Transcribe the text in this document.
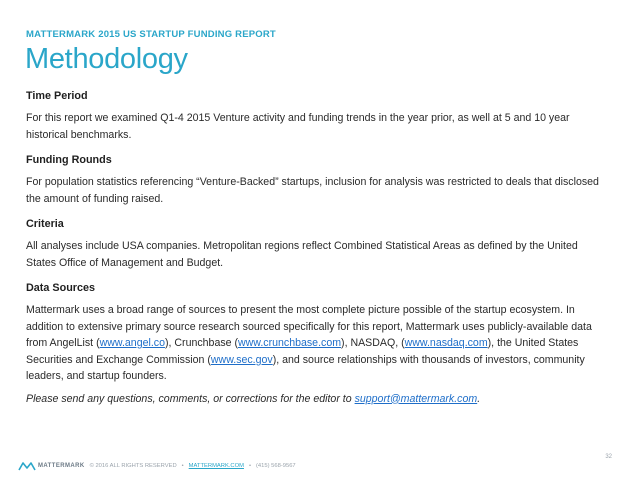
MATTERMARK 2015 US STARTUP FUNDING REPORT
Methodology

Time Period

For this report we examined Q1-4 2015 Venture activity and funding trends in the year prior, as well at 5 and 10 year historical benchmarks.

Funding Rounds

For population statistics referencing “Venture-Backed” startups, inclusion for analysis was restricted to deals that disclosed the amount of funding raised.

Criteria

All analyses include USA companies. Metropolitan regions reflect Combined Statistical Areas as defined by the United States Office of Management and Budget.

Data Sources

Mattermark uses a broad range of sources to present the most complete picture possible of the startup ecosystem. In addition to extensive primary source research sourced specifically for this report, Mattermark uses publicly-available data from AngelList (www.angel.co), Crunchbase (www.crunchbase.com), NASDAQ, (www.nasdaq.com), the United States Securities and Exchange Commission (www.sec.gov), and source relationships with thousands of investors, community leaders, and startup founders.

Please send any questions, comments, or corrections for the editor to support@mattermark.com.

MATTERMARK © 2016 ALL RIGHTS RESERVED • MATTERMARK.COM • (415) 568-9567
32
